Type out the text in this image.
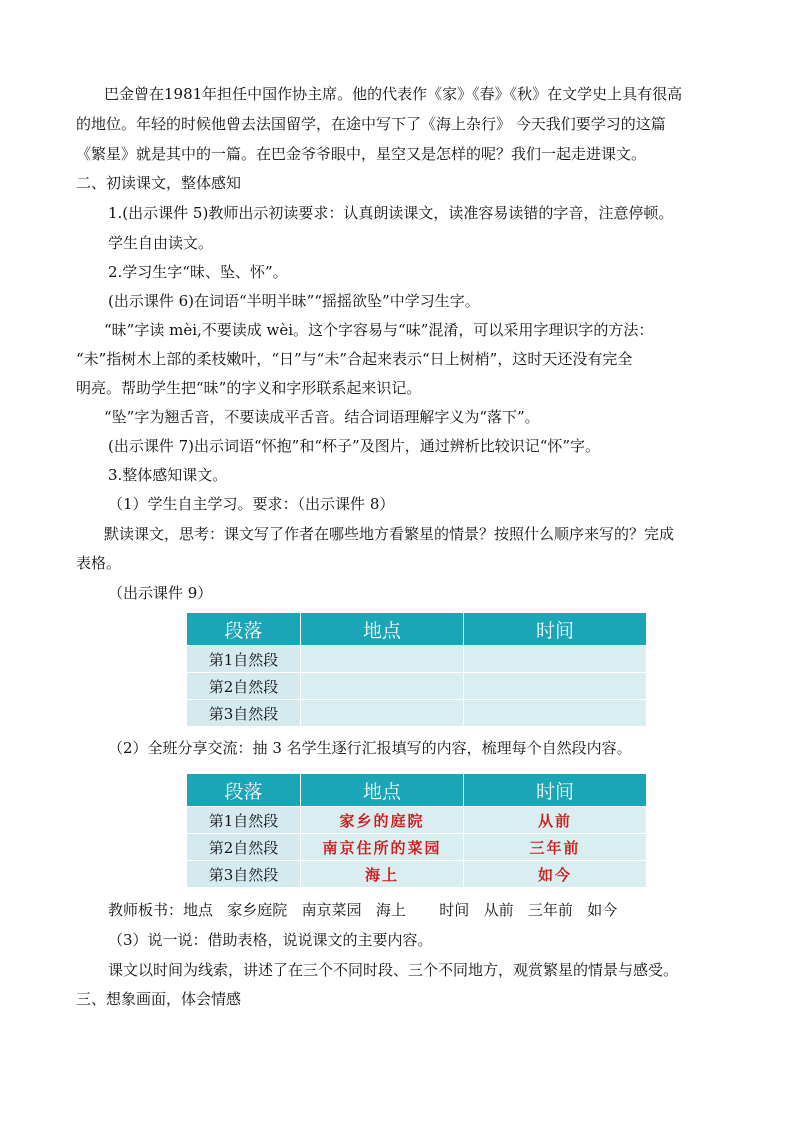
巴金曾在1981年担任中国作协主席。他的代表作《家》《春》《秋》在文学史上具有很高
的地位。年轻的时候他曾去法国留学，在途中写下了《海上杂行》 今天我们要学习的这篇
《繁星》就是其中的一篇。在巴金爷爷眼中，星空又是怎样的呢？我们一起走进课文。
二、初读课文，整体感知
1.(出示课件 5)教师出示初读要求：认真朗读课文，读准容易读错的字音，注意停顿。
学生自由读文。
2.学习生字“昧、坠、怀”。
(出示课件 6)在词语“半明半昧”“摇摇欲坠”中学习生字。
“昧”字读 mèi,不要读成 wèi。这个字容易与“味”混淆，可以采用字理识字的方法：
“未”指树木上部的柔枝嫩叶，“日”与“未”合起来表示“日上树梢”，这时天还没有完全
明亮。帮助学生把“昧”的字义和字形联系起来识记。
“坠”字为翘舌音，不要读成平舌音。结合词语理解字义为“落下”。
(出示课件 7)出示词语“怀抱”和“杯子”及图片，通过辨析比较识记“怀”字。
3.整体感知课文。
（1）学生自主学习。要求：（出示课件 8）
默读课文，思考：课文写了作者在哪些地方看繁星的情景？按照什么顺序来写的？完成
表格。
（出示课件 9）
段落	地点	时间
第1自然段		
第2自然段		
第3自然段		
（2）全班分享交流：抽 3 名学生逐行汇报填写的内容，梳理每个自然段内容。
段落	地点	时间
第1自然段	家乡的庭院	从前
第2自然段	南京住所的菜园	三年前
第3自然段	海上	如今
教师板书：地点   家乡庭院   南京菜园   海上       时间   从前   三年前   如今
（3）说一说：借助表格，说说课文的主要内容。
课文以时间为线索，讲述了在三个不同时段、三个不同地方，观赏繁星的情景与感受。
三、想象画面，体会情感
